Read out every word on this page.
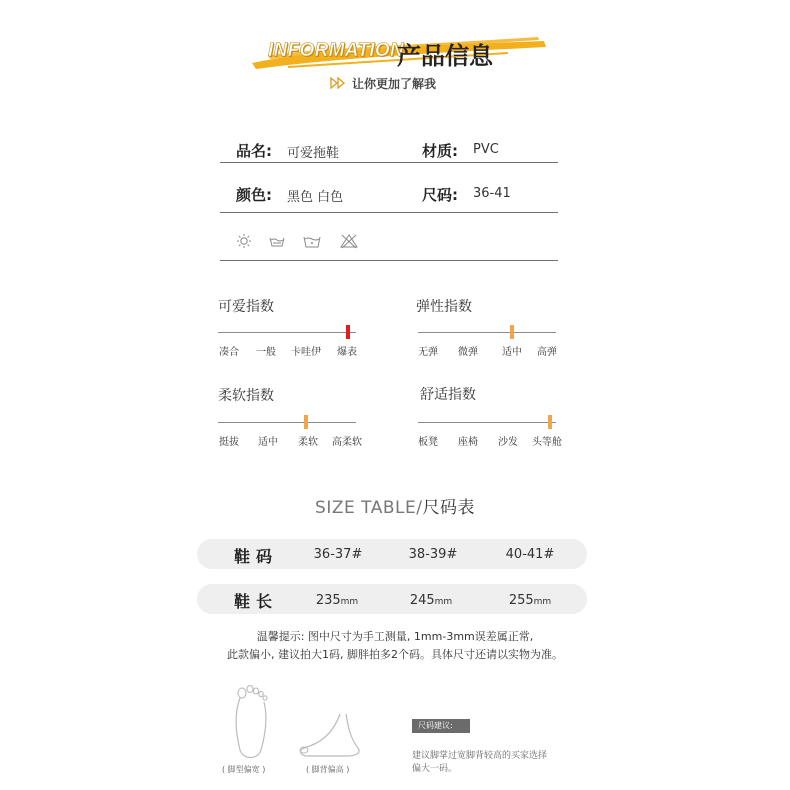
INFORMATION
产品信息
让你更加了解我
品名: 可爱拖鞋	材质: PVC
颜色: 黑色 白色	尺码: 36-41
可爱指数
凑合 一般 卡哇伊 爆表
弹性指数
无弹 微弹 适中 高弹
柔软指数
挺拔 适中 柔软 高柔软
舒适指数
板凳 座椅 沙发 头等舱
SIZE TABLE/尺码表
鞋码	36-37#	38-39#	40-41#
鞋长	235mm	245mm	255mm
温馨提示: 图中尺寸为手工测量, 1mm-3mm误差属正常,
此款偏小, 建议拍大1码, 脚胖拍多2个码。具体尺寸还请以实物为准。
( 脚型偏宽 )	( 脚背偏高 )
尺码建议:
建议脚掌过宽脚背较高的买家选择
偏大一码。
